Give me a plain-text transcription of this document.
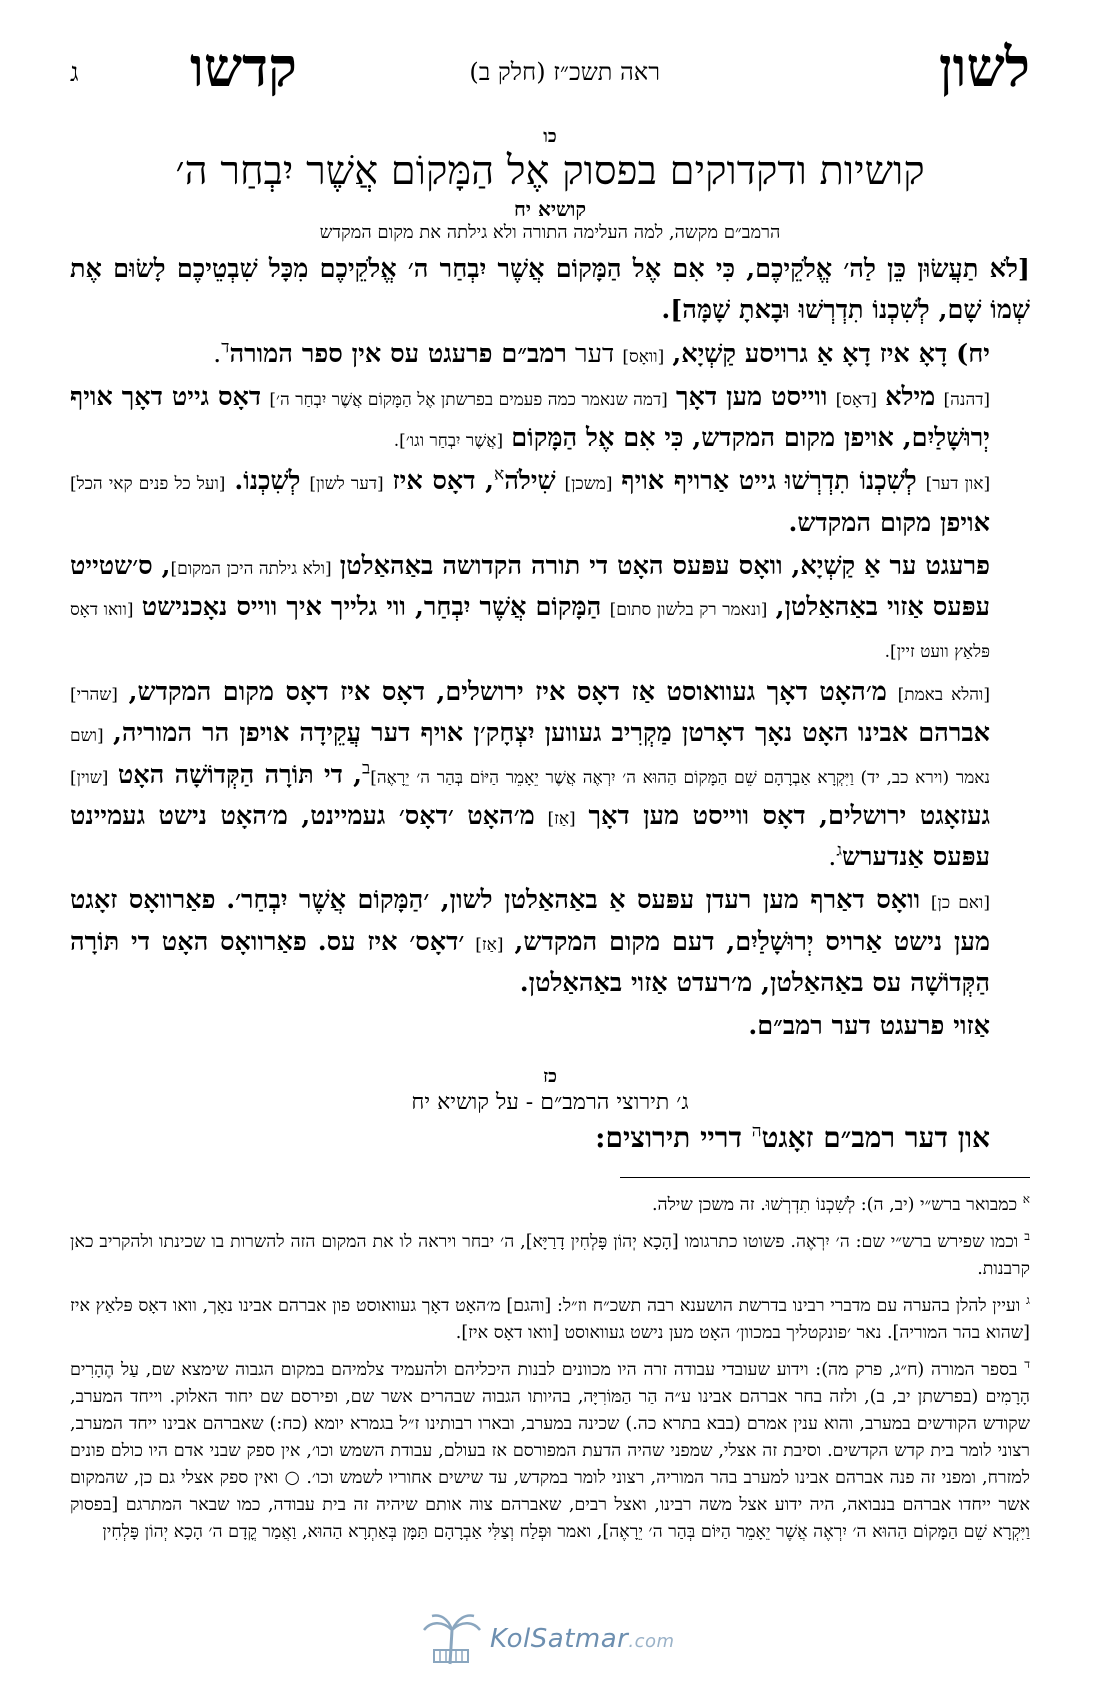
לשון
ראה תשכ״ז (חלק ב)
קדשו
ג
כו
קושיות ודקדוקים בפסוק אֶל הַמָּקוֹם אֲשֶׁר יִבְחַר ה׳
קושיא יח
הרמב״ם מקשה, למה העלימה התורה ולא גילתה את מקום המקדש

[לֹא תַעֲשׂוּן כֵּן לַה׳ אֱלֹקֵיכֶם, כִּי אִם אֶל הַמָּקוֹם אֲשֶׁר יִבְחַר ה׳ אֱלֹקֵיכֶם מִכָּל שִׁבְטֵיכֶם לָשׂוּם אֶת שְׁמוֹ שָׁם, לְשִׁכְנוֹ תִדְרְשׁוּ וּבָאתָ שָׁמָּה].

יח) דָאָ איז דָאָ אַ גרויסע קַשְׁיָא, [וואָס] דער רמב״ם פרעגט עס אין ספר המורה$^ד$.

[דהנה] מילא [דאָס] ווייסט מען דאָך [דמה שנאמר כמה פעמים בפרשתן אֶל הַמָּקוֹם אֲשֶׁר יִבְחַר ה׳] דאָס גייט דאָך אויף יְרוּשָׁלַיִם, אויפן מקום המקדש, כִּי אִם אֶל הַמָּקוֹם [אֲשֶׁר יִבְחַר וגו׳].

[און דער] לְשִׁכְנוֹ תִדְרְשׁוּ גייט אַרויף אויף [משכן] שִׁילֹה$^א$, דאָס איז [דער לשון] לְשִׁכְנוֹ. [ועל כל פנים קאי הכל] אויפן מקום המקדש.

פרעגט ער אַ קַשְׁיָא, וואָס עפּעס האָט די תורה הקדושה באַהאַלטן [ולא גילתה היכן המקום], ס׳שטייט עפּעס אַזוי באַהאַלטן, [ונאמר רק בלשון סתום] הַמָּקוֹם אֲשֶׁר יִבְחַר, ווי גלייך איך ווייס נאָכנישט [וואו דאָס פּלאַץ וועט זיין].

[והלא באמת] מ׳האָט דאָך געוואוסט אַז דאָס איז ירושלים, דאָס איז דאָס מקום המקדש, [שהרי] אברהם אבינו האָט נאָך דאָרטן מַקְרִיב געווען יִצְחָק׳ן אויף דער עֲקֵידָה אויפן הר המוריה, [ושם נאמר (וירא כב, יד) וַיִּקְרָא אַבְרָהָם שֵׁם הַמָּקוֹם הַהוּא ה׳ יִרְאֶה אֲשֶׁר יֵאָמֵר הַיּוֹם בְּהַר ה׳ יֵרָאֶה]$^ב$, די תּוֹרָה הַקְּדוֹשָׁה האָט [שוין] געזאָגט ירושלים, דאָס ווייסט מען דאָך [אַז] מ׳האָט ׳דאָס׳ געמיינט, מ׳האָט נישט געמיינט עפּעס אַנדערש$^ג$.

[ואם כן] וואָס דאַרף מען רעדן עפּעס אַ באַהאַלטן לשון, ׳הַמָּקוֹם אֲשֶׁר יִבְחַר׳. פאַרוואָס זאָגט מען נישט אַרויס יְרוּשָׁלַיִם, דעם מקום המקדש, [אַז] ׳דאָס׳ איז עס. פאַרוואָס האָט די תּוֹרָה הַקְּדוֹשָׁה עס באַהאַלטן, מ׳רעדט אַזוי באַהאַלטן.

אַזוי פרעגט דער רמב״ם.

כז
ג׳ תירוצי הרמב״ם - על קושיא יח
און דער רמב״ם זאָגט$^ה$ דריי תירוצים:

$^א$ כמבואר ברש״י (יב, ה): לְשִׁכְנוֹ תִדְרְשׁוּ. זה משכן שילה.

$^ב$ וכמו שפירש ברש״י שם: ה׳ יִרְאֶה. פשוטו כתרגומו [הָכָא יְהוֹן פָּלְחִין דָרַיָּא], ה׳ יבחר ויראה לו את המקום הזה להשרות בו שכינתו ולהקריב כאן קרבנות.

$^ג$ ועיין להלן בהערה עם מדברי רבינו בדרשת הושענא רבה תשכ״ח וז״ל: [והגם] מ׳האָט דאָך געוואוסט פון אברהם אבינו נאָך, וואו דאָס פּלאַץ איז [שהוא בהר המוריה]. נאר ׳פונקטליך במכוון׳ האָט מען נישט געוואוסט [וואו דאָס איז].

$^ד$ בספר המורה (ח״ג, פרק מה): וידוע שעובדי עבודה זרה היו מכוונים לבנות היכליהם ולהעמיד צלמיהם במקום הגבוה שימצא שם, עַל הֶהָרִים הָרָמִים (בפרשתן יב, ב), ולזה בחר אברהם אבינו ע״ה הַר הַמּוֹרִיָּה, בהיותו הגבוה שבהרים אשר שם, ופירסם שם יחוד האלוק. וייחד המערב, שקודש הקודשים במערב, והוא ענין אמרם (בבא בתרא כה.) שכינה במערב, ובארו רבותינו ז״ל בגמרא יומא (כח:) שאברהם אבינו ייחד המערב, רצוני לומר בית קדש הקדשים. וסיבת זה אצלי, שמפני שהיה הדעת המפורסם אז בעולם, עבודת השמש וכו׳, אין ספק שבני אדם היו כולם פונים למזרח, ומפני זה פנה אברהם אבינו למערב בהר המוריה, רצוני לומר במקדש, עד שישים אחוריו לשמש וכו׳. ○ ואין ספק אצלי גם כן, שהמקום אשר ייחדו אברהם בנבואה, היה ידוע אצל משה רבינו, ואצל רבים, שאברהם צוה אותם שיהיה זה בית עבודה, כמו שבאר המתרגם [בפסוק וַיִּקְרָא שֵׁם הַמָּקוֹם הַהוּא ה׳ יִרְאֶה אֲשֶׁר יֵאָמֵר הַיּוֹם בְּהַר ה׳ יֵרָאֶה], ואמר וּפְלַח וְצַלִּי אַבְרָהָם תַּמָּן בְּאַתְרָא הַהוּא, וַאֲמַר קֳדָם ה׳ הָכָא יְהוֹן פָּלְחִין

KolSatmar.com
